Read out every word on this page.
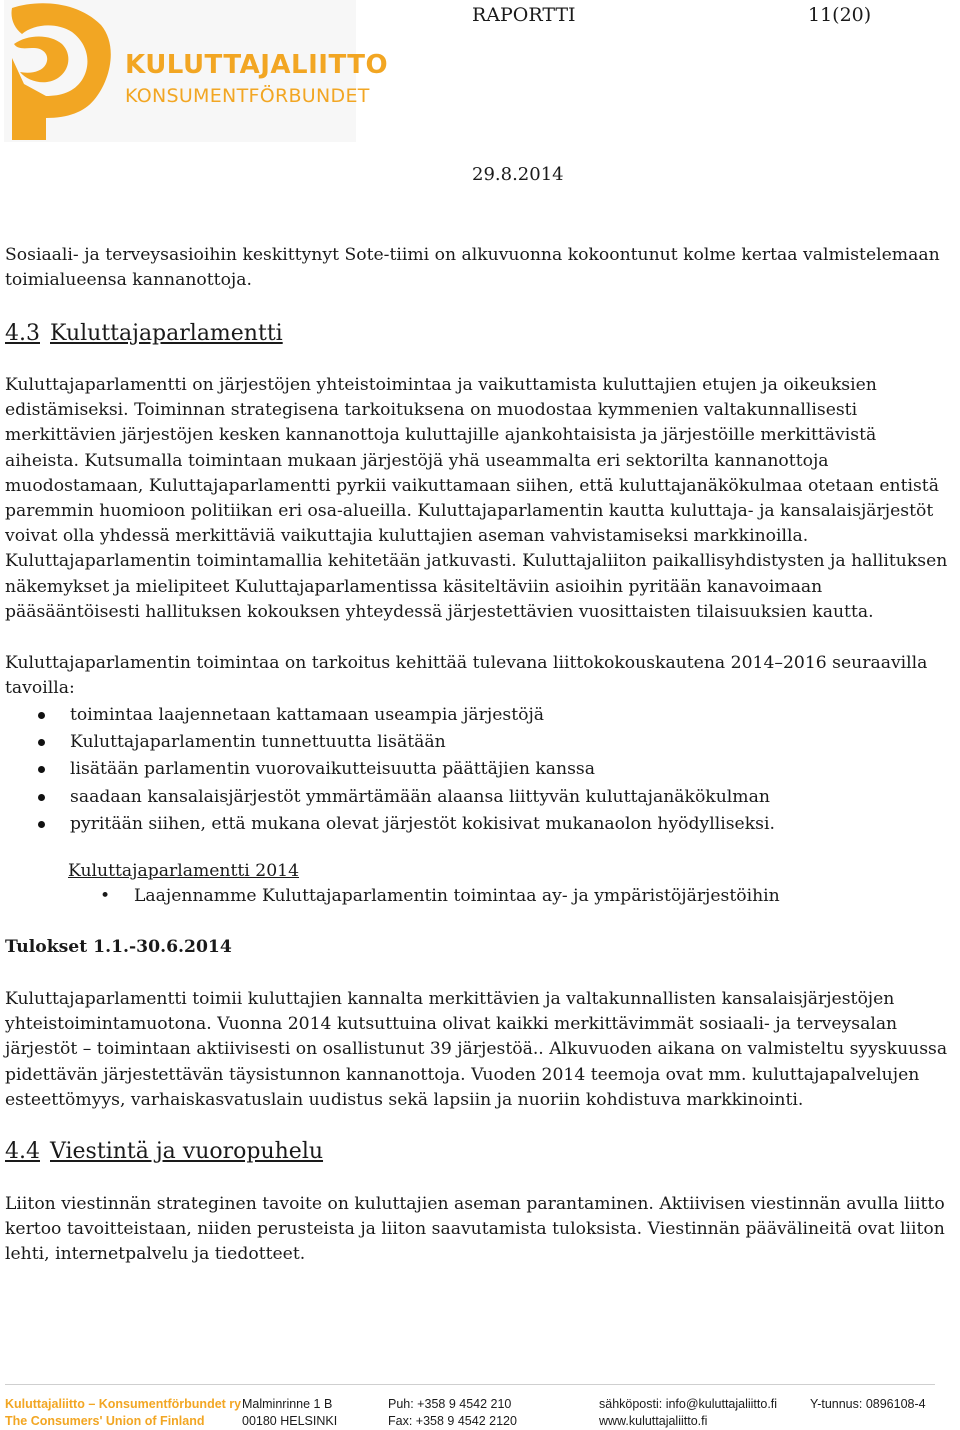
KULUTTAJALIITTO
KONSUMENTFÖRBUNDET
RAPORTTI	11(20)
29.8.2014

Sosiaali- ja terveysasioihin keskittynyt Sote-tiimi on alkuvuonna kokoontunut kolme kertaa valmistelemaan toimialueensa kannanottoja.

4.3 Kuluttajaparlamentti

Kuluttajaparlamentti on järjestöjen yhteistoimintaa ja vaikuttamista kuluttajien etujen ja oikeuksien edistämiseksi. Toiminnan strategisena tarkoituksena on muodostaa kymmenien valtakunnallisesti merkittävien järjestöjen kesken kannanottoja kuluttajille ajankohtaisista ja järjestöille merkittävistä aiheista. Kutsumalla toimintaan mukaan järjestöjä yhä useammalta eri sektorilta kannanottoja muodostamaan, Kuluttajaparlamentti pyrkii vaikuttamaan siihen, että kuluttajanäkökulmaa otetaan entistä paremmin huomioon politiikan eri osa-alueilla. Kuluttajaparlamentin kautta kuluttaja- ja kansalaisjärjestöt voivat olla yhdessä merkittäviä vaikuttajia kuluttajien aseman vahvistamiseksi markkinoilla. Kuluttajaparlamentin toimintamallia kehitetään jatkuvasti. Kuluttajaliiton paikallisyhdistysten ja hallituksen näkemykset ja mielipiteet Kuluttajaparlamentissa käsiteltäviin asioihin pyritään kanavoimaan pääsääntöisesti hallituksen kokouksen yhteydessä järjestettävien vuosittaisten tilaisuuksien kautta.

Kuluttajaparlamentin toimintaa on tarkoitus kehittää tulevana liittokokouskautena 2014–2016 seuraavilla tavoilla:

toimintaa laajennetaan kattamaan useampia järjestöjä
Kuluttajaparlamentin tunnettuutta lisätään
lisätään parlamentin vuorovaikutteisuutta päättäjien kanssa
saadaan kansalaisjärjestöt ymmärtämään alaansa liittyvän kuluttajanäkökulman
pyritään siihen, että mukana olevat järjestöt kokisivat mukanaolon hyödylliseksi.
Kuluttajaparlamentti 2014
• Laajennamme Kuluttajaparlamentin toimintaa ay- ja ympäristöjärjestöihin
Tulokset 1.1.-30.6.2014

Kuluttajaparlamentti toimii kuluttajien kannalta merkittävien ja valtakunnallisten kansalaisjärjestöjen yhteistoimintamuotona. Vuonna 2014 kutsuttuina olivat kaikki merkittävimmät sosiaali- ja terveysalan järjestöt – toimintaan aktiivisesti on osallistunut 39 järjestöä.. Alkuvuoden aikana on valmisteltu syyskuussa pidettävän järjestettävän täysistunnon kannanottoja. Vuoden 2014 teemoja ovat mm. kuluttajapalvelujen esteettömyys, varhaiskasvatuslain uudistus sekä lapsiin ja nuoriin kohdistuva markkinointi.

4.4 Viestintä ja vuoropuhelu

Liiton viestinnän strateginen tavoite on kuluttajien aseman parantaminen. Aktiivisen viestinnän avulla liitto kertoo tavoitteistaan, niiden perusteista ja liiton saavutamista tuloksista. Viestinnän päävälineitä ovat liiton lehti, internetpalvelu ja tiedotteet.

Kuluttajaliitto – Konsumentförbundet ry
The Consumers' Union of Finland
Malminrinne 1 B
00180 HELSINKI
Puh: +358 9 4542 210
Fax: +358 9 4542 2120
sähköposti: info@kuluttajaliitto.fi
www.kuluttajaliitto.fi
Y-tunnus: 0896108-4
